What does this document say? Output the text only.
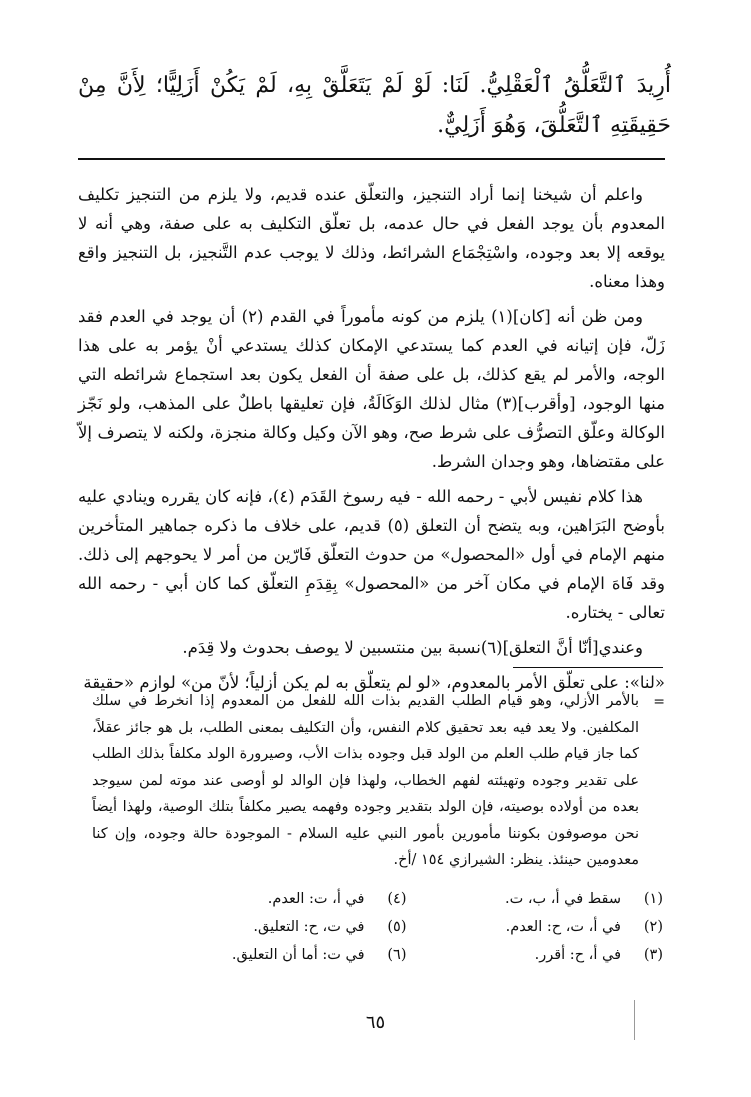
أُرِيدَ ٱلتَّعَلُّقُ ٱلْعَقْلِيُّ. لَنَا: لَوْ لَمْ يَتَعَلَّقْ بِهِ، لَمْ يَكُنْ أَزَلِيًّا؛ لِأَنَّ مِنْ حَقِيقَتِهِ ٱلتَّعَلُّقَ، وَهُوَ أَزَلِيٌّ.

واعلم أن شيخنا إنما أراد التنجيز، والتعلّق عنده قديم، ولا يلزم من التنجيز تكليف المعدوم بأن يوجد الفعل في حال عدمه، بل تعلّق التكليف به على صفة، وهي أنه لا يوقعه إلا بعد وجوده، واسْتِجْمَاع الشرائط، وذلك لا يوجب عدم التَّنجيز، بل التنجيز واقع وهذا معناه.

ومن ظن أنه [كان](١) يلزم من كونه مأموراً في القدم (٢) أن يوجد في العدم فقد زَلّ، فإن إتيانه في العدم كما يستدعي الإمكان كذلك يستدعي أنْ يؤمر به على هذا الوجه، والأمر لم يقع كذلك، بل على صفة أن الفعل يكون بعد استجماع شرائطه التي منها الوجود، [وأقرب](٣) مثال لذلك الوَكَالَةُ، فإن تعليقها باطلٌ على المذهب، ولو نَجّز الوكالة وعلّق التصرُّف على شرط صح، وهو الآن وكيل وكالة منجزة، ولكنه لا يتصرف إلاّ على مقتضاها، وهو وجدان الشرط.

هذا كلام نفيس لأبي - رحمه الله - فيه رسوخ القَدَم (٤)، فإنه كان يقرره وينادي عليه بأوضح البَرَاهين، وبه يتضح أن التعلق (٥) قديم، على خلاف ما ذكره جماهير المتأخرين منهم الإمام في أول «المحصول» من حدوث التعلّق فَارّين من أمر لا يحوجهم إلى ذلك. وقد فَاهَ الإمام في مكان آخر من «المحصول» بِقِدَمِ التعلّق كما كان أبي - رحمه الله تعالى - يختاره.

وعندي[أنّا أنَّ التعلق](٦)نسبة بين منتسبين لا يوصف بحدوث ولا قِدَم.

«لنا»: على تعلّق الأمر بالمعدوم، «لو لم يتعلّق به لم يكن أزلياً؛ لأنّ من» لوازم «حقيقة

=
بالأمر الأزلي، وهو قيام الطلب القديم بذات الله للفعل من المعدوم إذا انخرط في سلك المكلفين. ولا يعد فيه بعد تحقيق كلام النفس، وأن التكليف بمعنى الطلب، بل هو جائز عقلاً، كما جاز قيام طلب العلم من الولد قبل وجوده بذات الأب، وصيرورة الولد مكلفاً بذلك الطلب على تقدير وجوده وتهيئته لفهم الخطاب، ولهذا فإن الوالد لو أوصى عند موته لمن سيوجد بعده من أولاده بوصيته، فإن الولد بتقدير وجوده وفهمه يصير مكلفاً بتلك الوصية، ولهذا أيضاً نحن موصوفون بكوننا مأمورين بأمور النبي عليه السلام - الموجودة حالة وجوده، وإن كنا معدومين حينئذ. ينظر: الشيرازي ١٥٤ /أخ.
(١)
سقط في أ، ب، ت.
(٤)
في أ، ت: العدم.
(٢)
في أ، ت، ح: العدم.
(٥)
في ت، ح: التعليق.
(٣)
في أ، ح: أقرر.
(٦)
في ت: أما أن التعليق.
٦٥
